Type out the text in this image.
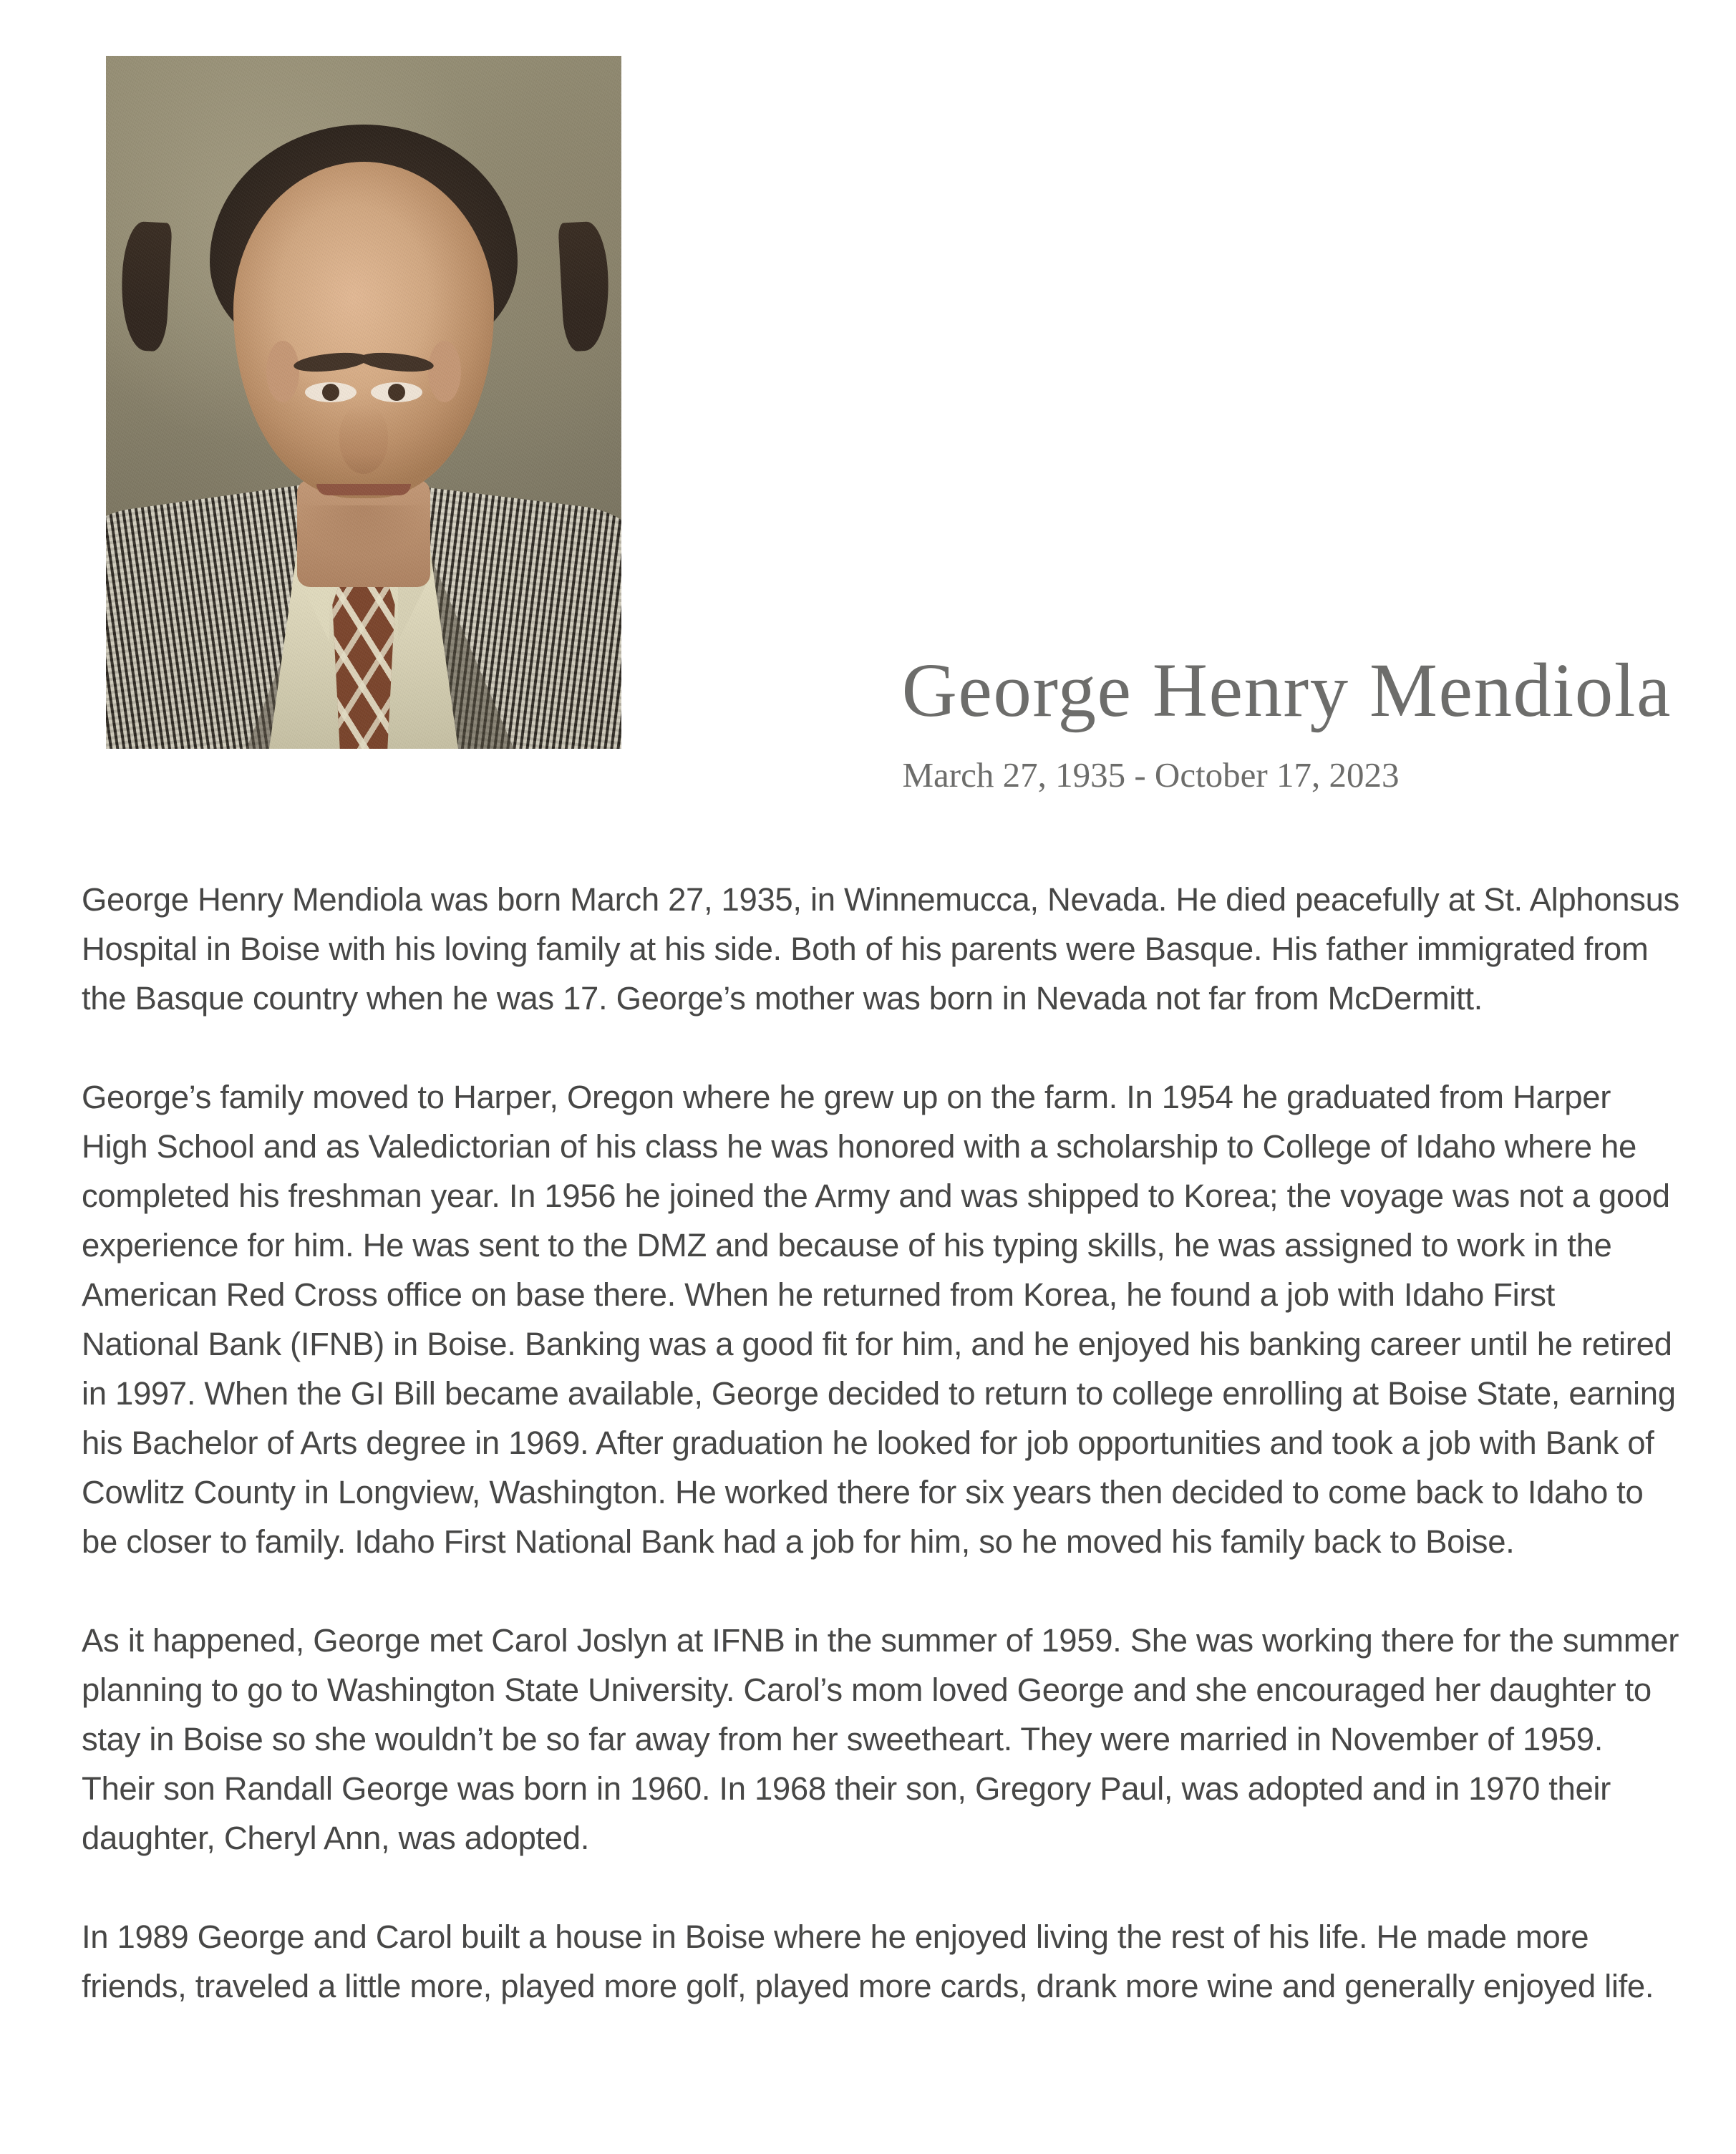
George Henry Mendiola
March 27, 1935 - October 17, 2023

George Henry Mendiola was born March 27, 1935, in Winnemucca, Nevada. He died peacefully at St. Alphonsus Hospital in Boise with his loving family at his side. Both of his parents were Basque. His father immigrated from the Basque country when he was 17. George’s mother was born in Nevada not far from McDermitt.

George’s family moved to Harper, Oregon where he grew up on the farm. In 1954 he graduated from Harper High School and as Valedictorian of his class he was honored with a scholarship to College of Idaho where he completed his freshman year. In 1956 he joined the Army and was shipped to Korea; the voyage was not a good experience for him. He was sent to the DMZ and because of his typing skills, he was assigned to work in the American Red Cross office on base there. When he returned from Korea, he found a job with Idaho First National Bank (IFNB) in Boise. Banking was a good fit for him, and he enjoyed his banking career until he retired in 1997. When the GI Bill became available, George decided to return to college enrolling at Boise State, earning his Bachelor of Arts degree in 1969. After graduation he looked for job opportunities and took a job with Bank of Cowlitz County in Longview, Washington. He worked there for six years then decided to come back to Idaho to be closer to family. Idaho First National Bank had a job for him, so he moved his family back to Boise.

As it happened, George met Carol Joslyn at IFNB in the summer of 1959. She was working there for the summer planning to go to Washington State University. Carol’s mom loved George and she encouraged her daughter to stay in Boise so she wouldn’t be so far away from her sweetheart. They were married in November of 1959. Their son Randall George was born in 1960. In 1968 their son, Gregory Paul, was adopted and in 1970 their daughter, Cheryl Ann, was adopted.

In 1989 George and Carol built a house in Boise where he enjoyed living the rest of his life. He made more friends, traveled a little more, played more golf, played more cards, drank more wine and generally enjoyed life.
